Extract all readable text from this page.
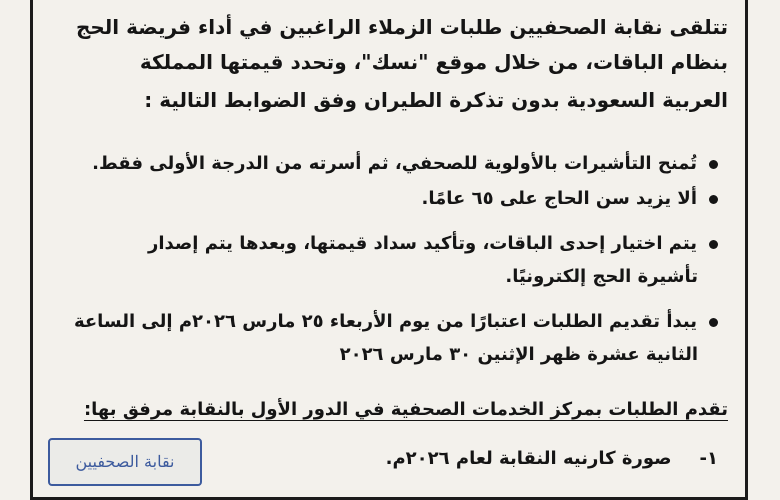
تتلقى نقابة الصحفيين طلبات الزملاء الراغبين في أداء فريضة الحج
بنظام الباقات، من خلال موقع "نسك"، وتحدد قيمتها المملكة
العربية السعودية بدون تذكرة الطيران وفق الضوابط التالية :
تُمنح التأشيرات بالأولوية للصحفي، ثم أسرته من الدرجة الأولى فقط.
ألا يزيد سن الحاج على ٦٥ عامًا.
يتم اختيار إحدى الباقات، وتأكيد سداد قيمتها، وبعدها يتم إصدار
تأشيرة الحج إلكترونيًا.
يبدأ تقديم الطلبات اعتبارًا من يوم الأربعاء ٢٥ مارس ٢٠٢٦م إلى الساعة
الثانية عشرة ظهر الإثنين ٣٠ مارس ٢٠٢٦
تقدم الطلبات بمركز الخدمات الصحفية في الدور الأول بالنقابة مرفق بها:
١-صورة كارنيه النقابة لعام ٢٠٢٦م.
نقابة الصحفيين
